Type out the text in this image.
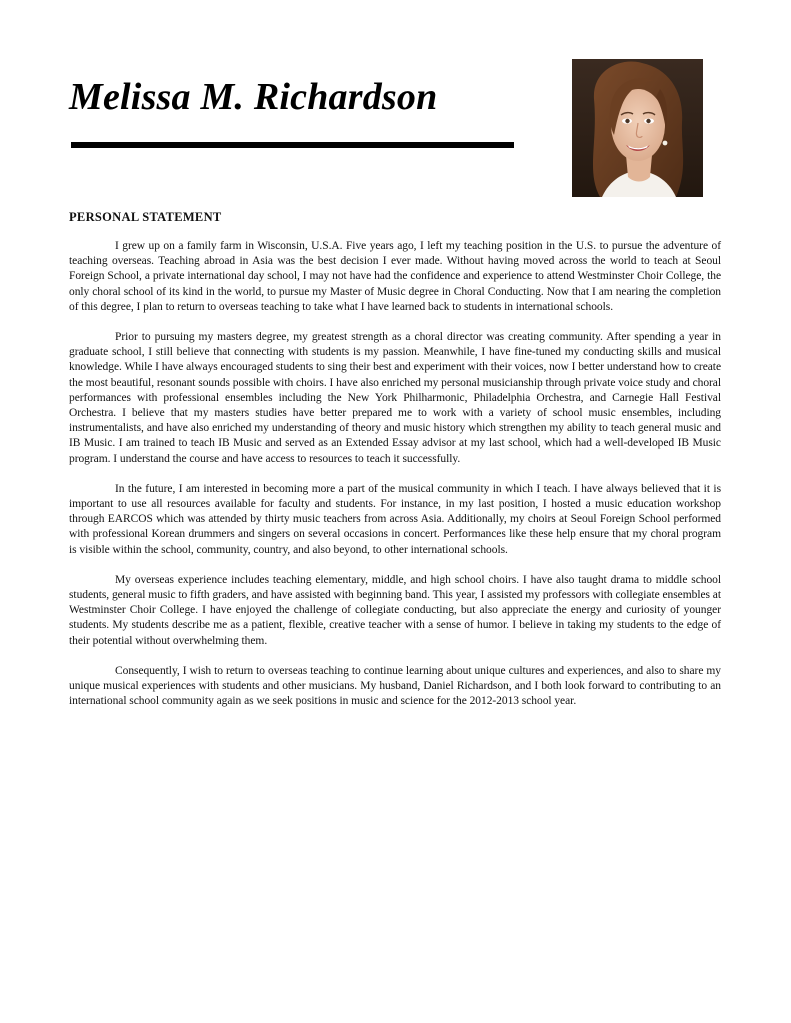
Melissa M. Richardson
PERSONAL STATEMENT

I grew up on a family farm in Wisconsin, U.S.A. Five years ago, I left my teaching position in the U.S. to pursue the adventure of teaching overseas. Teaching abroad in Asia was the best decision I ever made. Without having moved across the world to teach at Seoul Foreign School, a private international day school, I may not have had the confidence and experience to attend Westminster Choir College, the only choral school of its kind in the world, to pursue my Master of Music degree in Choral Conducting. Now that I am nearing the completion of this degree, I plan to return to overseas teaching to take what I have learned back to students in international schools.

Prior to pursuing my masters degree, my greatest strength as a choral director was creating community. After spending a year in graduate school, I still believe that connecting with students is my passion. Meanwhile, I have fine-tuned my conducting skills and musical knowledge. While I have always encouraged students to sing their best and experiment with their voices, now I better understand how to create the most beautiful, resonant sounds possible with choirs. I have also enriched my personal musicianship through private voice study and choral performances with professional ensembles including the New York Philharmonic, Philadelphia Orchestra, and Carnegie Hall Festival Orchestra. I believe that my masters studies have better prepared me to work with a variety of school music ensembles, including instrumentalists, and have also enriched my understanding of theory and music history which strengthen my ability to teach general music and IB Music. I am trained to teach IB Music and served as an Extended Essay advisor at my last school, which had a well-developed IB Music program. I understand the course and have access to resources to teach it successfully.

In the future, I am interested in becoming more a part of the musical community in which I teach. I have always believed that it is important to use all resources available for faculty and students. For instance, in my last position, I hosted a music education workshop through EARCOS which was attended by thirty music teachers from across Asia. Additionally, my choirs at Seoul Foreign School performed with professional Korean drummers and singers on several occasions in concert. Performances like these help ensure that my choral program is visible within the school, community, country, and also beyond, to other international schools.

My overseas experience includes teaching elementary, middle, and high school choirs. I have also taught drama to middle school students, general music to fifth graders, and have assisted with beginning band. This year, I assisted my professors with collegiate ensembles at Westminster Choir College. I have enjoyed the challenge of collegiate conducting, but also appreciate the energy and curiosity of younger students. My students describe me as a patient, flexible, creative teacher with a sense of humor. I believe in taking my students to the edge of their potential without overwhelming them.

Consequently, I wish to return to overseas teaching to continue learning about unique cultures and experiences, and also to share my unique musical experiences with students and other musicians. My husband, Daniel Richardson, and I both look forward to contributing to an international school community again as we seek positions in music and science for the 2012-2013 school year.
